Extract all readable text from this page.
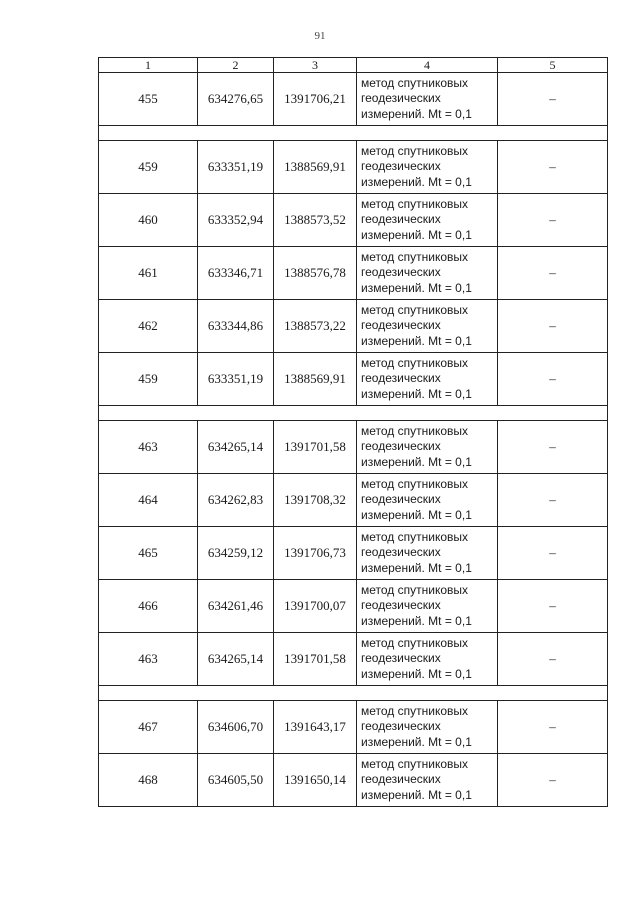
91
1	2	3	4	5
455	634276,65	1391706,21	метод спутниковых
геодезических
измерений. Mt = 0,1	–

459	633351,19	1388569,91	метод спутниковых
геодезических
измерений. Mt = 0,1	–
460	633352,94	1388573,52	метод спутниковых
геодезических
измерений. Mt = 0,1	–
461	633346,71	1388576,78	метод спутниковых
геодезических
измерений. Mt = 0,1	–
462	633344,86	1388573,22	метод спутниковых
геодезических
измерений. Mt = 0,1	–
459	633351,19	1388569,91	метод спутниковых
геодезических
измерений. Mt = 0,1	–

463	634265,14	1391701,58	метод спутниковых
геодезических
измерений. Mt = 0,1	–
464	634262,83	1391708,32	метод спутниковых
геодезических
измерений. Mt = 0,1	–
465	634259,12	1391706,73	метод спутниковых
геодезических
измерений. Mt = 0,1	–
466	634261,46	1391700,07	метод спутниковых
геодезических
измерений. Mt = 0,1	–
463	634265,14	1391701,58	метод спутниковых
геодезических
измерений. Mt = 0,1	–

467	634606,70	1391643,17	метод спутниковых
геодезических
измерений. Mt = 0,1	–
468	634605,50	1391650,14	метод спутниковых
геодезических
измерений. Mt = 0,1	–
